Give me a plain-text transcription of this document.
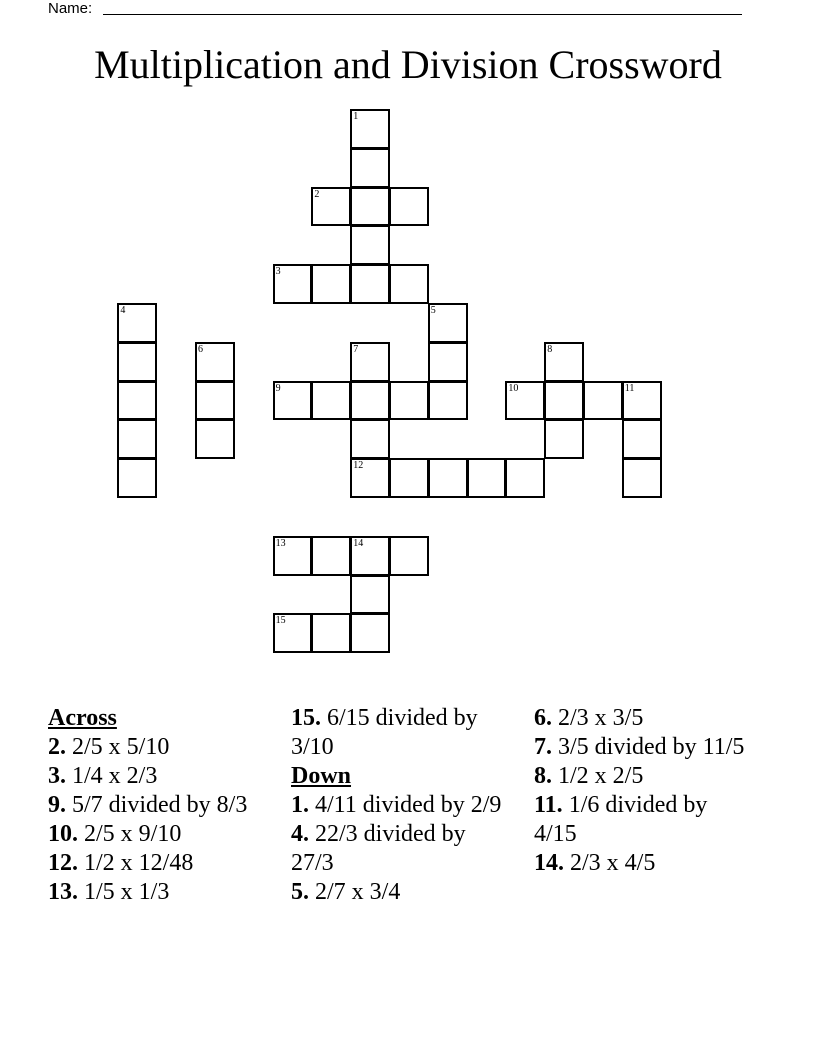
Name:
Multiplication and Division Crossword
1
2
3
4	5
6	7	8
9	10	11
12
13	14
15

Across

2. 2/5 x 5/10

3. 1/4 x 2/3

9. 5/7 divided by 8/3

10. 2/5 x 9/10

12. 1/2 x 12/48

13. 1/5 x 1/3

15. 6/15 divided by 3/10

Down

1. 4/11 divided by 2/9

4. 22/3 divided by 27/3

5. 2/7 x 3/4

6. 2/3 x 3/5

7. 3/5 divided by 11/5

8. 1/2 x 2/5

11. 1/6 divided by 4/15

14. 2/3 x 4/5
